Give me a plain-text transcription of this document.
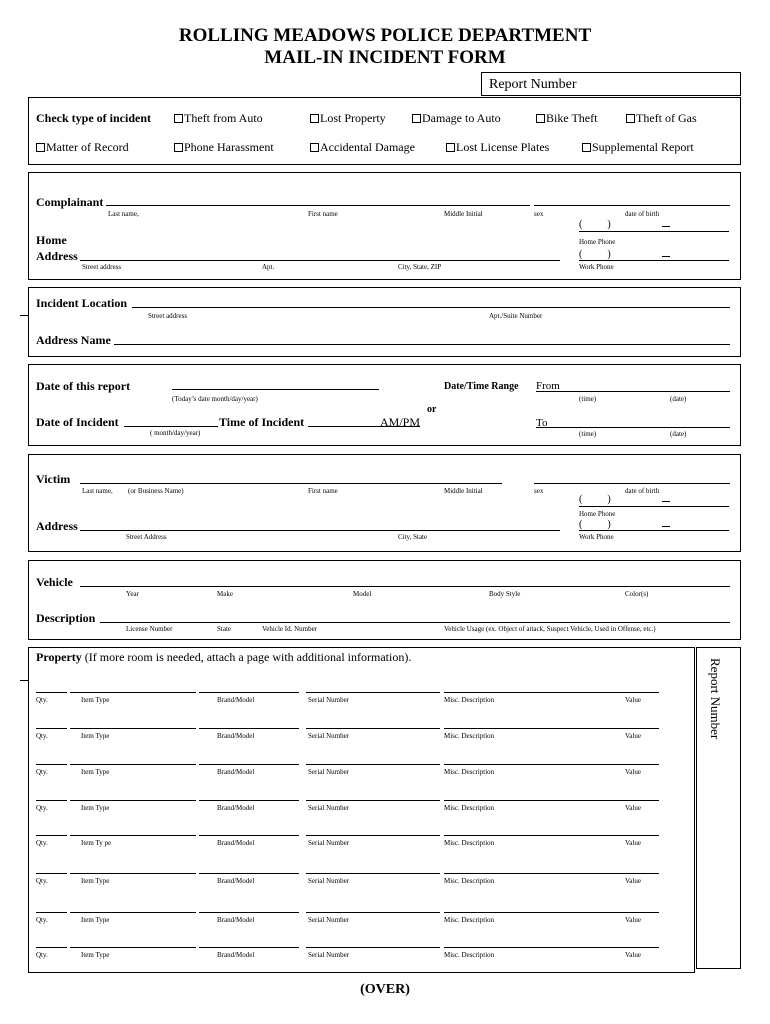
ROLLING MEADOWS POLICE DEPARTMENT
MAIL-IN INCIDENT FORM
Report Number
Check type of incident	Theft from Auto	Lost Property	Damage to Auto	Bike Theft	Theft of Gas
Matter of Record	Phone Harassment	Accidental Damage	Lost License Plates	Supplemental Report
Complainant
Last name,	First name	Middle Initial	sex	date of birth
(          )
Home Phone
Home
Address	(          )
Street address	Apt.	City, State, ZIP	Work Phone
Incident Location
Street address	Apt./Suite Number
Address Name
Date of this report
(Today’s date month/day/year)
Date/Time Range From
(time)	(date)
or
Date of Incident
( month/day/year)
Time of Incident	AM/PM	To
(time)	(date)
Victim
Last name, (or Business Name)	First name	Middle Initial	sex	date of birth
(          )
Home Phone
Address	(          )
Street Address	City, State	Work Phone
Vehicle
Year	Make	Model	Body Style	Color(s)
Description
License Number	State	Vehicle Id. Number	Vehicle Usage (ex. Object of attack, Suspect Vehicle, Used in Offense, etc.)
Property (If more room is needed, attach a page with additional information).
Report Number
Qty.	Item Type	Brand/Model	Serial Number	Misc. Description	Value
Qty.	Item Type	Brand/Model	Serial Number	Misc. Description	Value
Qty.	Item Type	Brand/Model	Serial Number	Misc. Description	Value
Qty.	Item Type	Brand/Model	Serial Number	Misc. Description	Value
Qty.	Item Ty pe	Brand/Model	Serial Number	Misc. Description	Value
Qty.	Item Type	Brand/Model	Serial Number	Misc. Description	Value
Qty.	Item Type	Brand/Model	Serial Number	Misc. Description	Value
Qty.	Item Type	Brand/Model	Serial Number	Misc. Description	Value
(OVER)
